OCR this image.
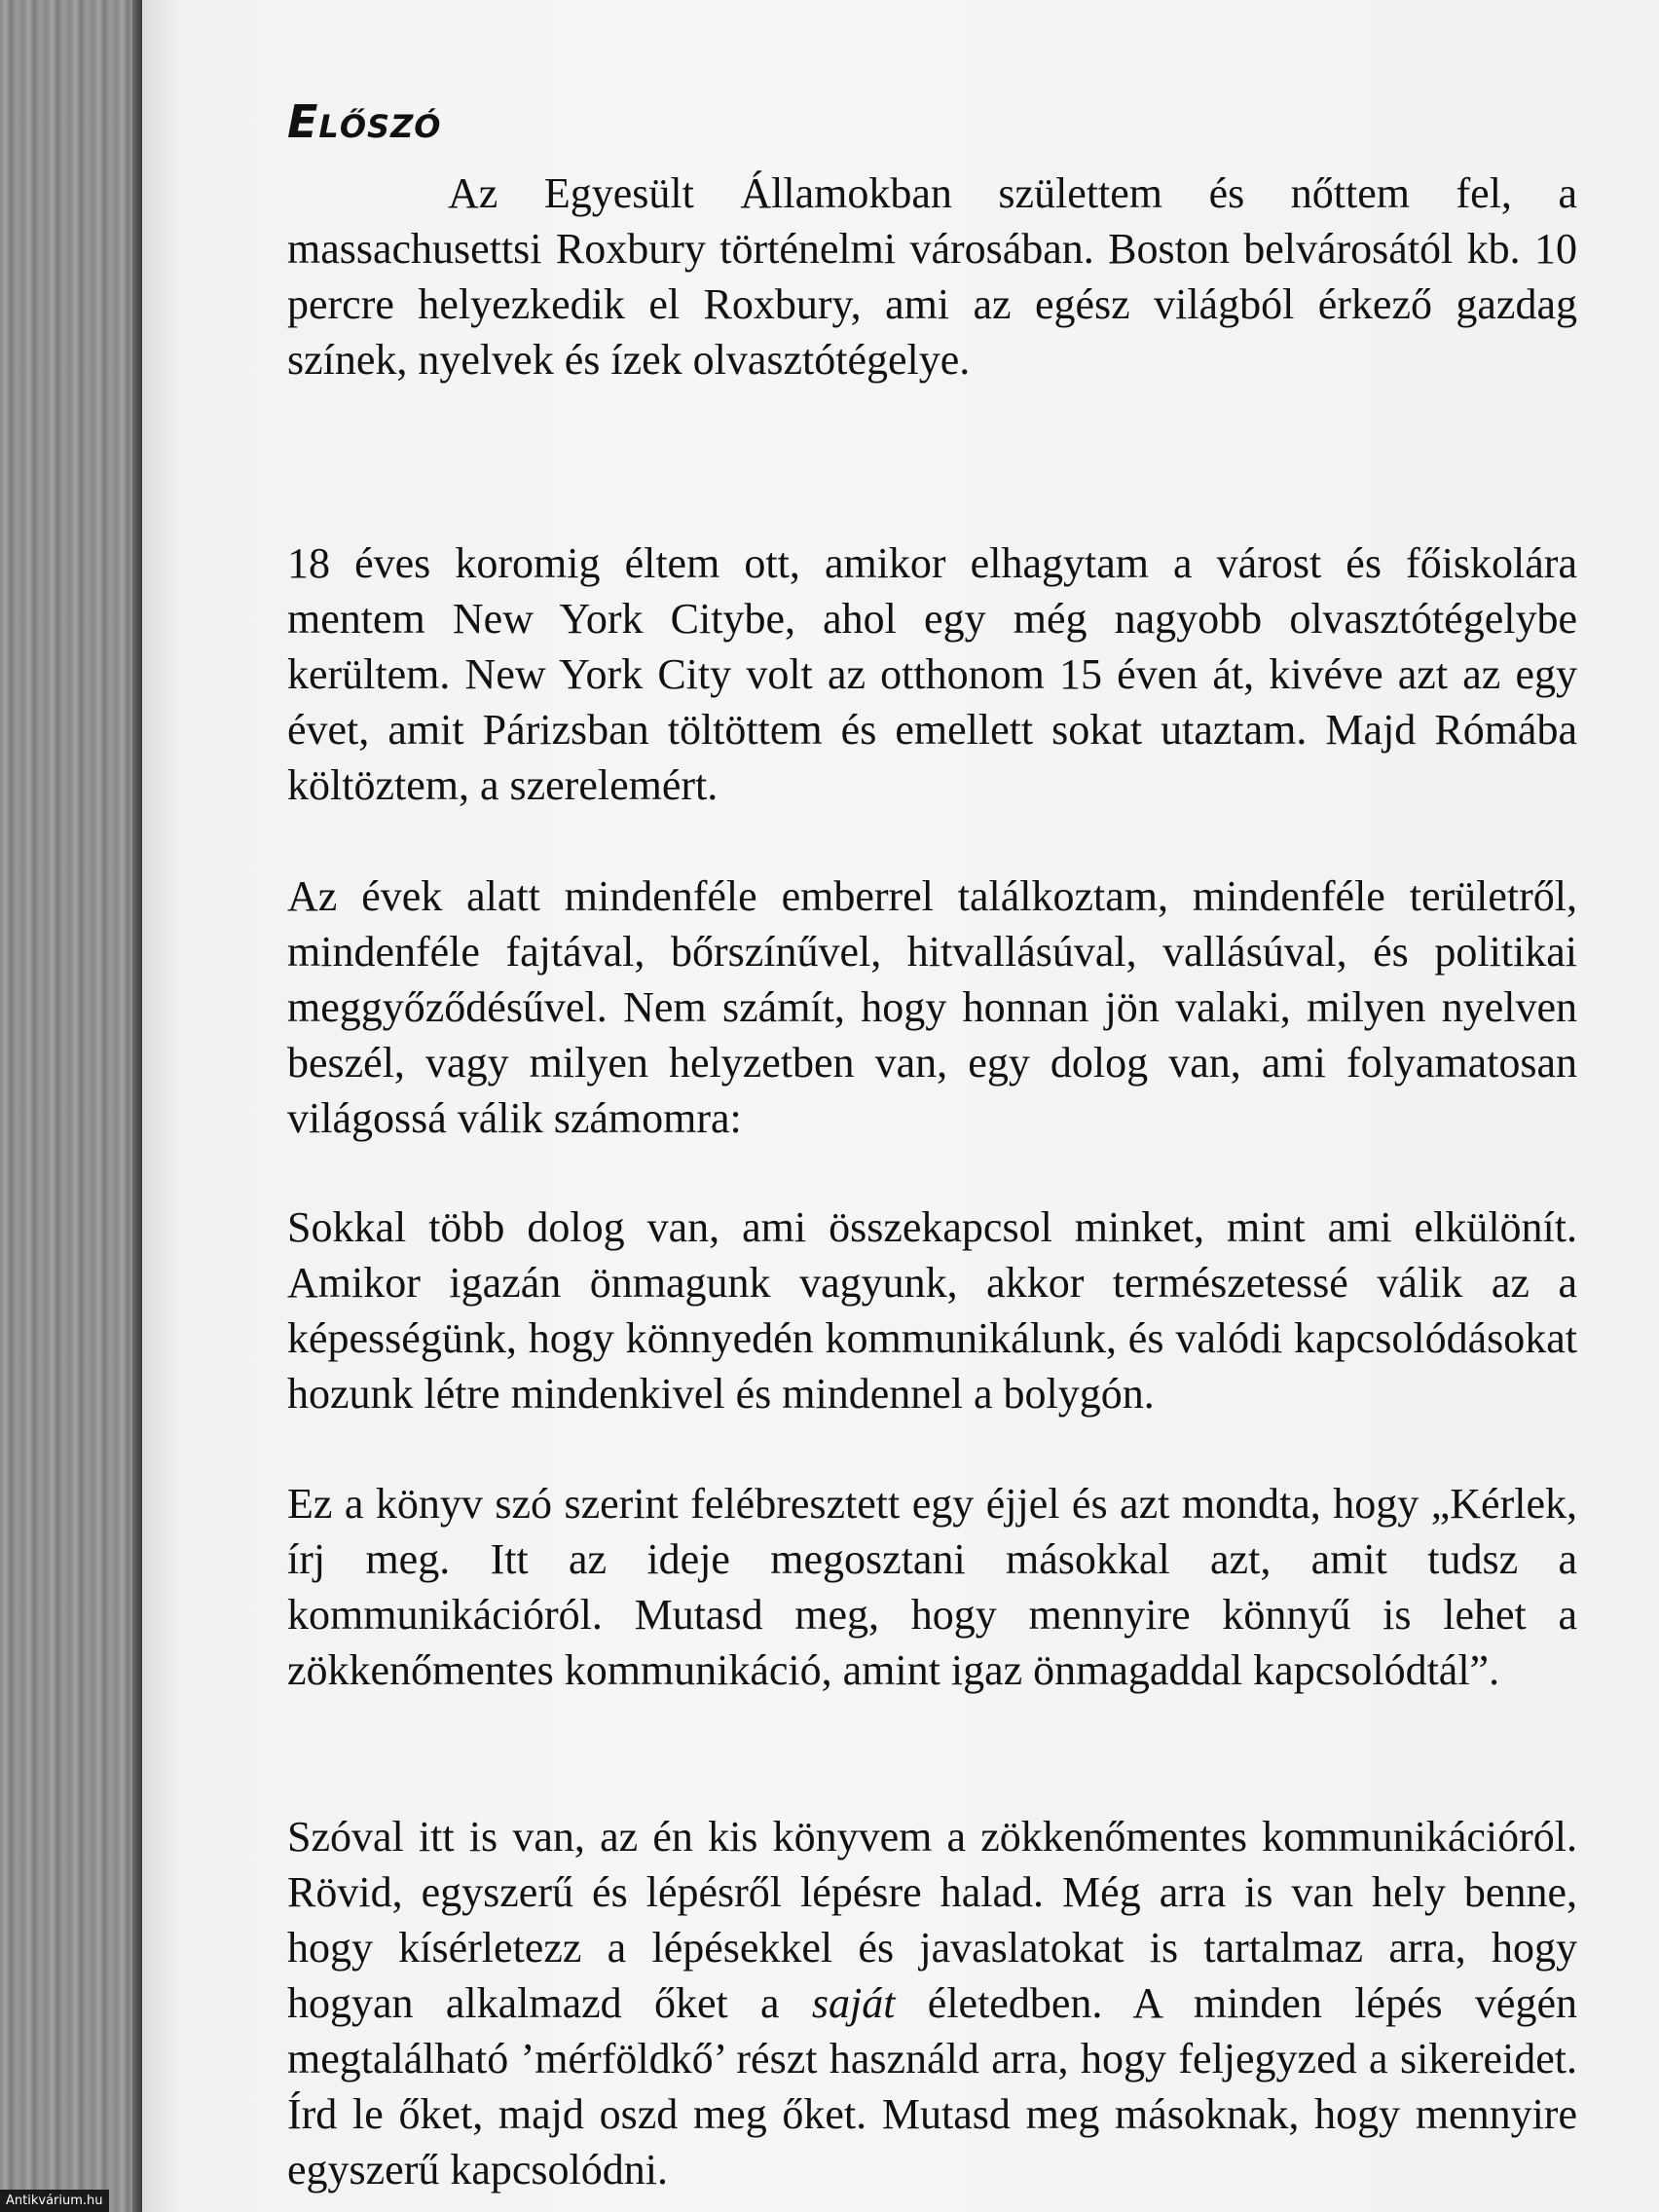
Előszó

Az Egyesült Államokban születtem és nőttem fel, a massachusettsi Roxbury történelmi városában. Boston belvárosától kb. 10 percre helyezkedik el Roxbury, ami az egész világból érkező gazdag színek, nyelvek és ízek olvasztótégelye.

18 éves koromig éltem ott, amikor elhagytam a várost és főiskolára mentem New York Citybe, ahol egy még nagyobb olvasztótégelybe kerültem. New York City volt az otthonom 15 éven át, kivéve azt az egy évet, amit Párizsban töltöttem és emellett sokat utaztam. Majd Rómába költöztem, a szerelemért.

Az évek alatt mindenféle emberrel találkoztam, mindenféle területről, mindenféle fajtával, bőrszínűvel, hitvallásúval, vallásúval, és politikai meggyőződésűvel. Nem számít, hogy honnan jön valaki, milyen nyelven beszél, vagy milyen helyzetben van, egy dolog van, ami folyamatosan világossá válik számomra:

Sokkal több dolog van, ami összekapcsol minket, mint ami elkülönít. Amikor igazán önmagunk vagyunk, akkor természetessé válik az a képességünk, hogy könnyedén kommunikálunk, és valódi kapcsolódásokat hozunk létre mindenkivel és mindennel a bolygón.

Ez a könyv szó szerint felébresztett egy éjjel és azt mondta, hogy „Kérlek, írj meg. Itt az ideje megosztani másokkal azt, amit tudsz a kommunikációról. Mutasd meg, hogy mennyire könnyű is lehet a zökkenőmentes kommunikáció, amint igaz önmagaddal kapcsolódtál”.

Szóval itt is van, az én kis könyvem a zökkenőmentes kommunikációról. Rövid, egyszerű és lépésről lépésre halad. Még arra is van hely benne, hogy kísérletezz a lépésekkel és javaslatokat is tartalmaz arra, hogy hogyan alkalmazd őket a saját életedben. A minden lépés végén megtalálható ’mérföldkő’ részt használd arra, hogy feljegyzed a sikereidet. Írd le őket, majd oszd meg őket. Mutasd meg másoknak, hogy mennyire egyszerű kapcsolódni.

Antikvárium.hu
